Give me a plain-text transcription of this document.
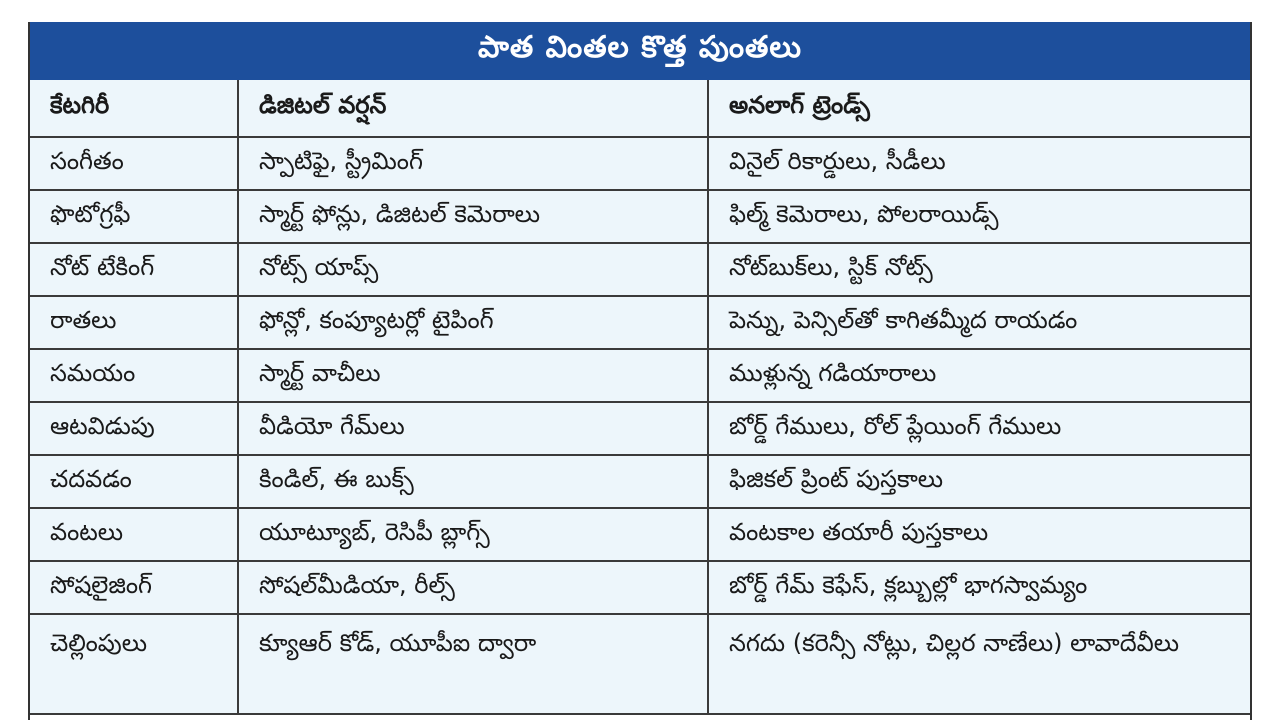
పాత వింతల కొత్త పుంతలు
కేటగిరీ	డిజిటల్ వర్షన్	అనలాగ్ ట్రెండ్స్
సంగీతం	స్పాటిఫై, స్ట్రీమింగ్	వినైల్ రికార్డులు, సీడీలు
ఫొటోగ్రఫీ	స్మార్ట్ ఫోన్లు, డిజిటల్ కెమెరాలు	ఫిల్మ్ కెమెరాలు, పోలరాయిడ్స్
నోట్ టేకింగ్	నోట్స్ యాప్స్	నోట్‌బుక్‌లు, స్టిక్ నోట్స్
రాతలు	ఫోన్లో, కంప్యూటర్లో టైపింగ్	పెన్ను, పెన్సిల్‌తో కాగితమ్మీద రాయడం
సమయం	స్మార్ట్ వాచీలు	ముళ్లున్న గడియారాలు
ఆటవిడుపు	వీడియో గేమ్‌లు	బోర్డ్ గేములు, రోల్ ప్లేయింగ్ గేములు
చదవడం	కిండిల్, ఈ బుక్స్	ఫిజికల్ ప్రింట్ పుస్తకాలు
వంటలు	యూట్యూబ్, రెసిపీ బ్లాగ్స్	వంటకాల తయారీ పుస్తకాలు
సోషలైజింగ్	సోషల్‌మీడియా, రీల్స్	బోర్డ్ గేమ్ కెఫేస్, క్లబ్బుల్లో భాగస్వామ్యం
చెల్లింపులు	క్యూఆర్ కోడ్, యూపీఐ ద్వారా	నగదు (కరెన్సీ నోట్లు, చిల్లర నాణేలు) లావాదేవీలు
